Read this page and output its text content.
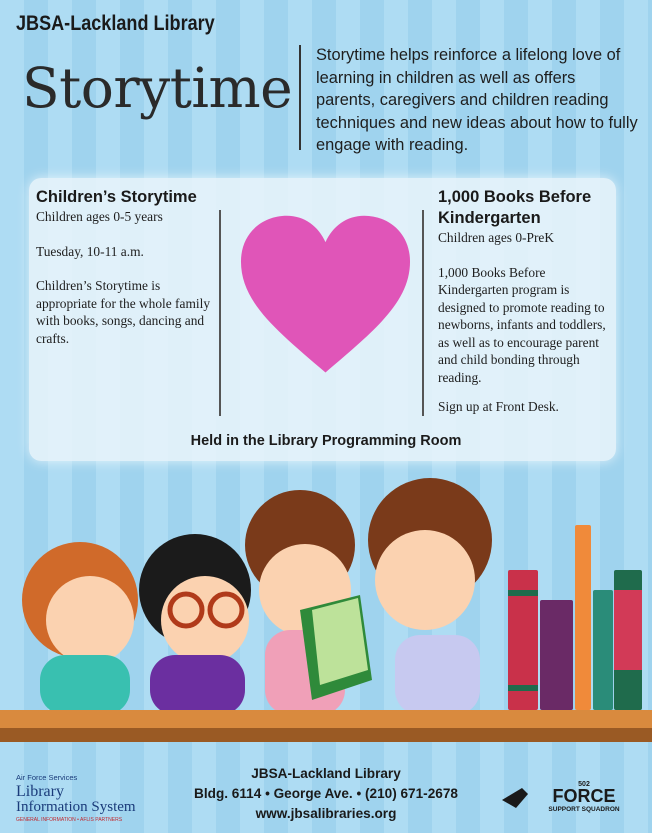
JBSA-Lackland Library
Storytime
Storytime helps reinforce a lifelong love of learning in children as well as offers parents, caregivers and children reading techniques and new ideas about how to fully engage with reading.
Children’s Storytime
Children ages 0-5 years
Tuesday, 10-11 a.m.
Children’s Storytime is appropriate for the whole family with books, songs, dancing and crafts.
1,000 Books Before Kindergarten
Children ages 0-PreK
1,000 Books Before Kindergarten program is designed to promote reading to newborns, infants and toddlers, as well as to encourage parent and child bonding through reading.
Sign up at Front Desk.
Held in the Library Programming Room
JBSA-Lackland Library
Bldg. 6114 • George Ave. • (210) 671-2678
www.jbsalibraries.org
Air Force Services
Library
Information System
GENERAL INFORMATION • AFLIS PARTNERS
502
FORCE
SUPPORT SQUADRON
